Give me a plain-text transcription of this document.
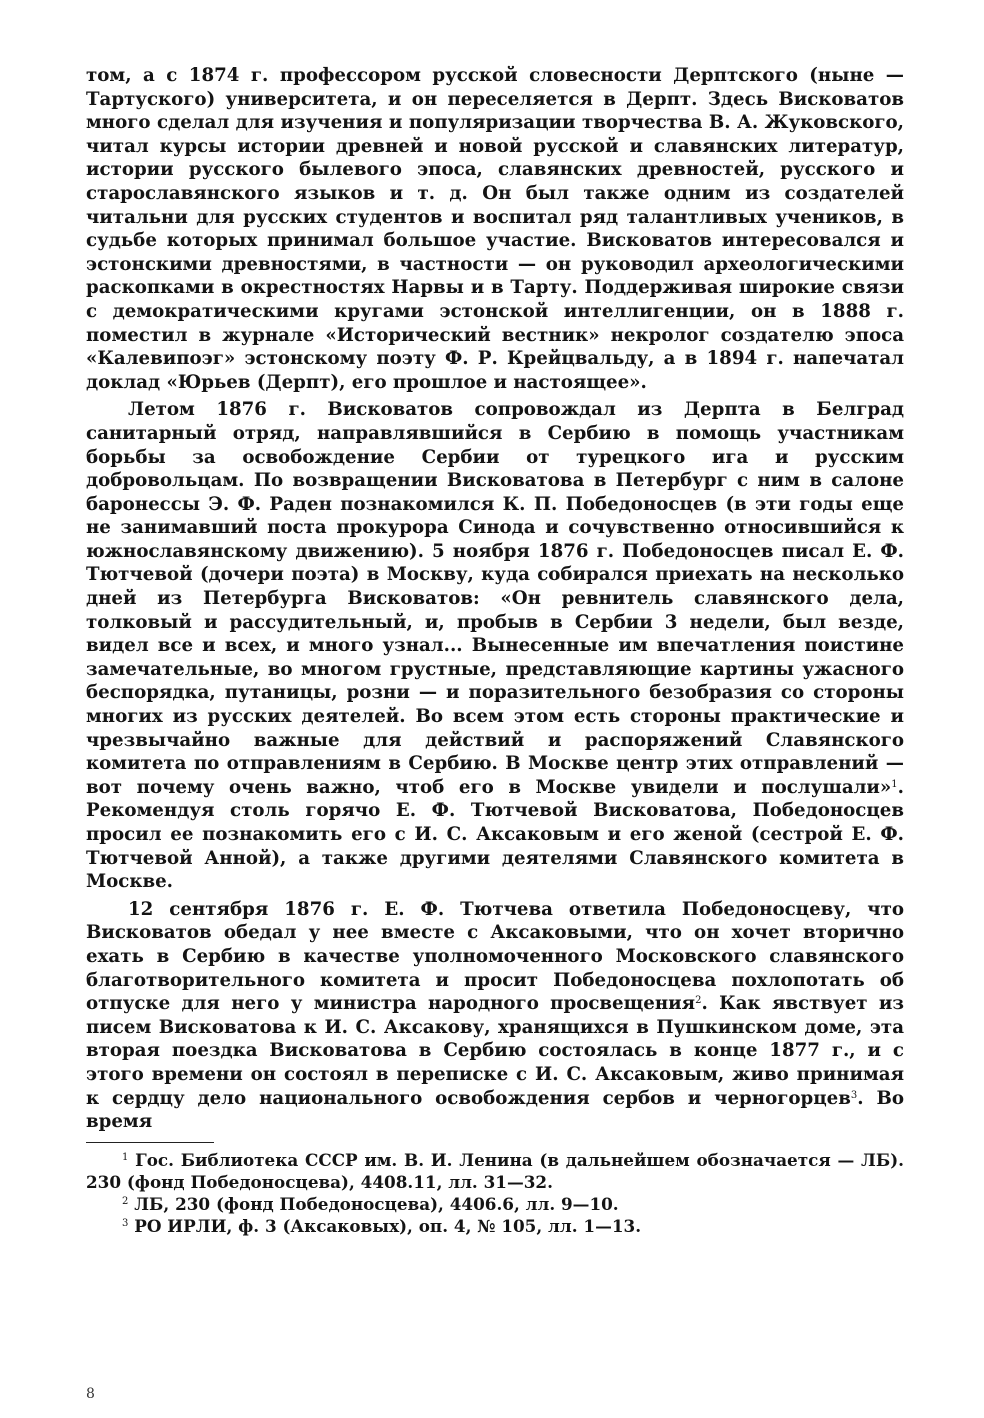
том, а с 1874 г. профессором русской словесности Дерптского (ныне — Тартуского) университета, и он переселяется в Дерпт. Здесь Висковатов много сделал для изучения и популяризации творчества В. А. Жуковского, читал курсы истории древней и новой русской и славянских литератур, истории русского былевого эпоса, славянских древностей, русского и старославянского языков и т. д. Он был также одним из создателей читальни для русских студентов и воспитал ряд талантливых учеников, в судьбе которых принимал большое участие. Висковатов интересовался и эстонскими древностями, в частности — он руководил археологическими раскопками в окрестностях Нарвы и в Тарту. Поддерживая широкие связи с демократическими кругами эстонской интеллигенции, он в 1888 г. поместил в журнале «Исторический вестник» некролог создателю эпоса «Калевипоэг» эстонскому поэту Ф. Р. Крейцвальду, а в 1894 г. напечатал доклад «Юрьев (Дерпт), его прошлое и настоящее».

Летом 1876 г. Висковатов сопровождал из Дерпта в Белград санитарный отряд, направлявшийся в Сербию в помощь участникам борьбы за освобождение Сербии от турецкого ига и русским добровольцам. По возвращении Висковатова в Петербург с ним в салоне баронессы Э. Ф. Раден познакомился К. П. Победоносцев (в эти годы еще не занимавший поста прокурора Синода и сочувственно относившийся к южнославянскому движению). 5 ноября 1876 г. Победоносцев писал Е. Ф. Тютчевой (дочери поэта) в Москву, куда собирался приехать на несколько дней из Петербурга Висковатов: «Он ревнитель славянского дела, толковый и рассудительный, и, пробыв в Сербии 3 недели, был везде, видел все и всех, и много узнал... Вынесенные им впечатления поистине замечательные, во многом грустные, представляющие картины ужасного беспорядка, путаницы, розни — и поразительного безобразия со стороны многих из русских деятелей. Во всем этом есть стороны практические и чрезвычайно важные для действий и распоряжений Славянского комитета по отправлениям в Сербию. В Москве центр этих отправлений — вот почему очень важно, чтоб его в Москве увидели и послушали»$^1$. Рекомендуя столь горячо Е. Ф. Тютчевой Висковатова, Победоносцев просил ее познакомить его с И. С. Аксаковым и его женой (сестрой Е. Ф. Тютчевой Анной), а также другими деятелями Славянского комитета в Москве.

12 сентября 1876 г. Е. Ф. Тютчева ответила Победоносцеву, что Висковатов обедал у нее вместе с Аксаковыми, что он хочет вторично ехать в Сербию в качестве уполномоченного Московского славянского благотворительного комитета и просит Победоносцева похлопотать об отпуске для него у министра народного просвещения$^2$. Как явствует из писем Висковатова к И. С. Аксакову, хранящихся в Пушкинском доме, эта вторая поездка Висковатова в Сербию состоялась в конце 1877 г., и с этого времени он состоял в переписке с И. С. Аксаковым, живо принимая к сердцу дело национального освобождения сербов и черногорцев$^3$. Во время

$^1$ Гос. Библиотека СССР им. В. И. Ленина (в дальнейшем обозначается — ЛБ). 230 (фонд Победоносцева), 4408.11, лл. 31—32.

$^2$ ЛБ, 230 (фонд Победоносцева), 4406.6, лл. 9—10.

$^3$ РО ИРЛИ, ф. 3 (Аксаковых), оп. 4, № 105, лл. 1—13.

8
